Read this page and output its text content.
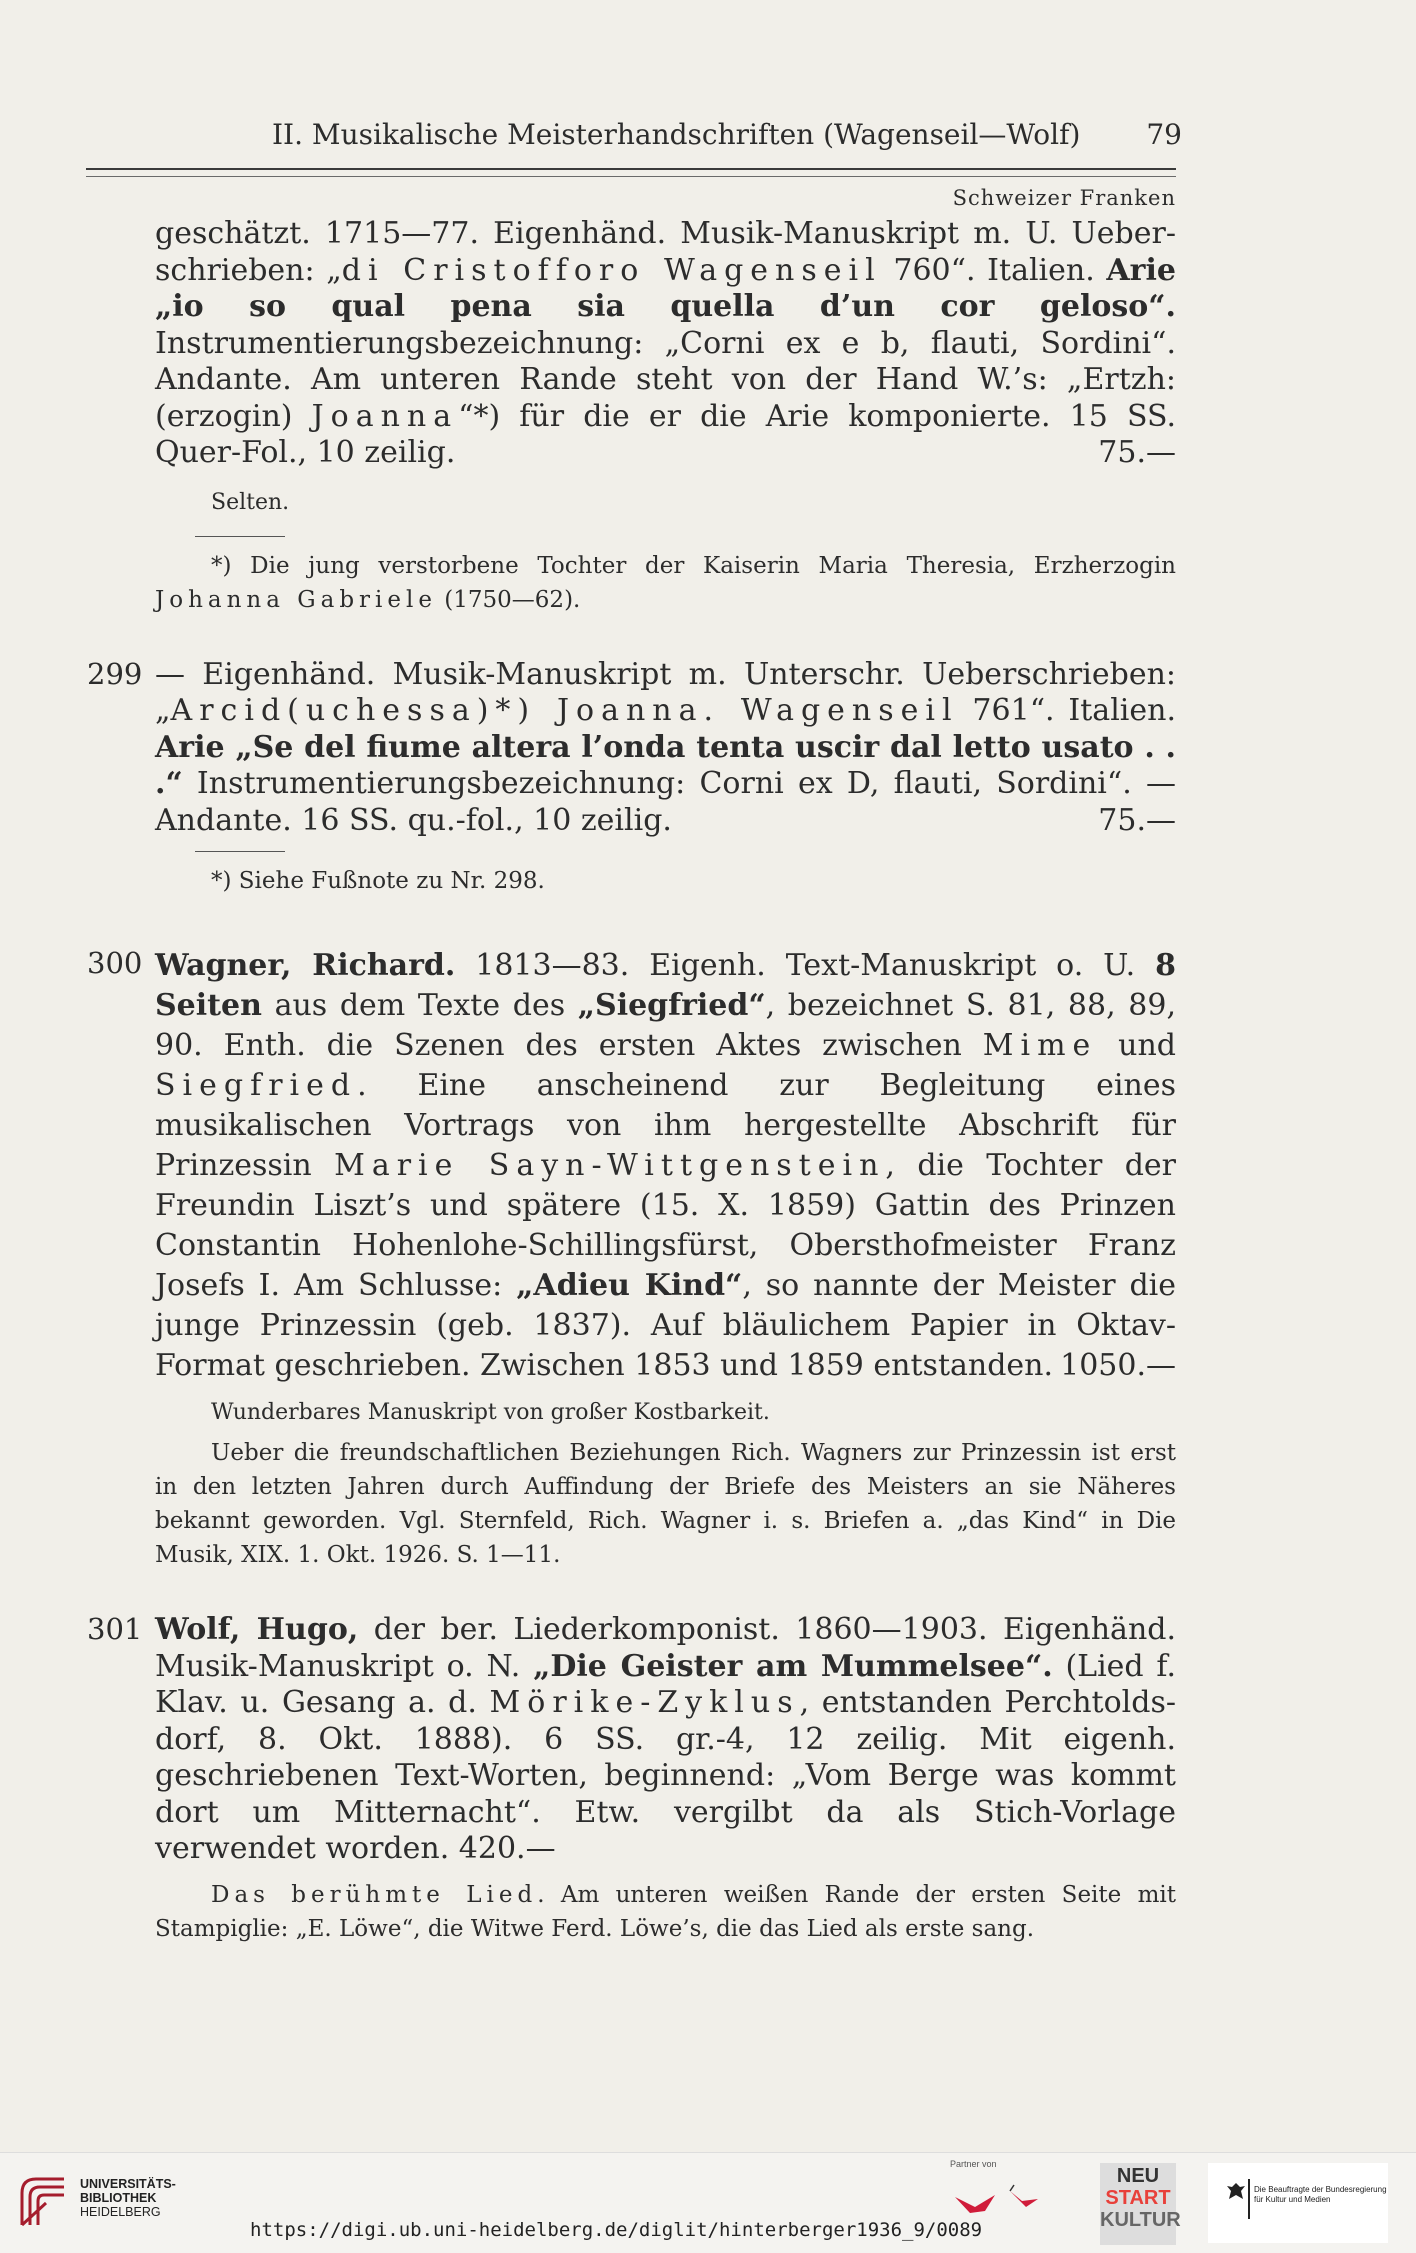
II. Musikalische Meisterhandschriften (Wagenseil—Wolf) 79
Schweizer Franken

geschätzt. 1715—77. Eigenhänd. Musik-Manuskript m. U. Ueberschrieben: „di Cristofforo Wagenseil 760“. Italien. Arie „io so qual pena sia quella d’un cor geloso“. Instrumentierungsbezeichnung: „Corni ex e b, flauti, Sordini“. Andante. Am unteren Rande steht von der Hand W.’s: „Ertzh:(erzogin) Joanna“*) für die er die Arie komponierte. 15 SS. Quer-Fol., 10 zeilig.	75.—

Selten.

*) Die jung verstorbene Tochter der Kaiserin Maria Theresia, Erzherzogin Johanna Gabriele (1750—62).

299 — Eigenhänd. Musik-Manuskript m. Unterschr. Ueberschrieben: „Arcid(uchessa)*) Joanna. Wagenseil 761“. Italien. Arie „Se del fiume altera l’onda tenta uscir dal letto usato . . .“ Instrumentierungsbezeichnung: Corni ex D, flauti, Sordini“. — Andante. 16 SS. qu.-fol., 10 zeilig.	75.—

*) Siehe Fußnote zu Nr. 298.

300 Wagner, Richard. 1813—83. Eigenh. Text-Manuskript o. U. 8 Seiten aus dem Texte des „Siegfried“, bezeichnet S. 81, 88, 89, 90. Enth. die Szenen des ersten Aktes zwischen Mime und Siegfried. Eine anscheinend zur Begleitung eines musikalischen Vortrags von ihm hergestellte Abschrift für Prinzessin Marie Sayn-Wittgenstein, die Tochter der Freundin Liszt’s und spätere (15. X. 1859) Gattin des Prinzen Constantin Hohenlohe-Schillingsfürst, Obersthofmeister Franz Josefs I. Am Schlusse: „Adieu Kind“, so nannte der Meister die junge Prinzessin (geb. 1837). Auf bläulichem Papier in Oktav-Format geschrieben. Zwischen 1853 und 1859 entstanden. 1050.—

Wunderbares Manuskript von großer Kostbarkeit.

Ueber die freundschaftlichen Beziehungen Rich. Wagners zur Prinzessin ist erst in den letzten Jahren durch Auffindung der Briefe des Meisters an sie Näheres bekannt geworden. Vgl. Sternfeld, Rich. Wagner i. s. Briefen a. „das Kind“ in Die Musik, XIX. 1. Okt. 1926. S. 1—11.

301 Wolf, Hugo, der ber. Liederkomponist. 1860—1903. Eigenhänd. Musik-Manuskript o. N. „Die Geister am Mummelsee“. (Lied f. Klav. u. Gesang a. d. Mörike-Zyklus, entstanden Perchtoldsdorf, 8. Okt. 1888). 6 SS. gr.-4, 12 zeilig. Mit eigenh. geschriebenen Text-Worten, beginnend: „Vom Berge was kommt dort um Mitternacht“. Etw. vergilbt da als Stich-Vorlage verwendet worden. 420.—

Das berühmte Lied. Am unteren weißen Rande der ersten Seite mit Stampiglie: „E. Löwe“, die Witwe Ferd. Löwe’s, die das Lied als erste sang.

UNIVERSITÄTS-
BIBLIOTHEK
HEIDELBERG
https://digi.ub.uni-heidelberg.de/diglit/hinterberger1936_9/0089
Partner von
NEU
START
KULTUR
Die Beauftragte der Bundesregierung
für Kultur und Medien
